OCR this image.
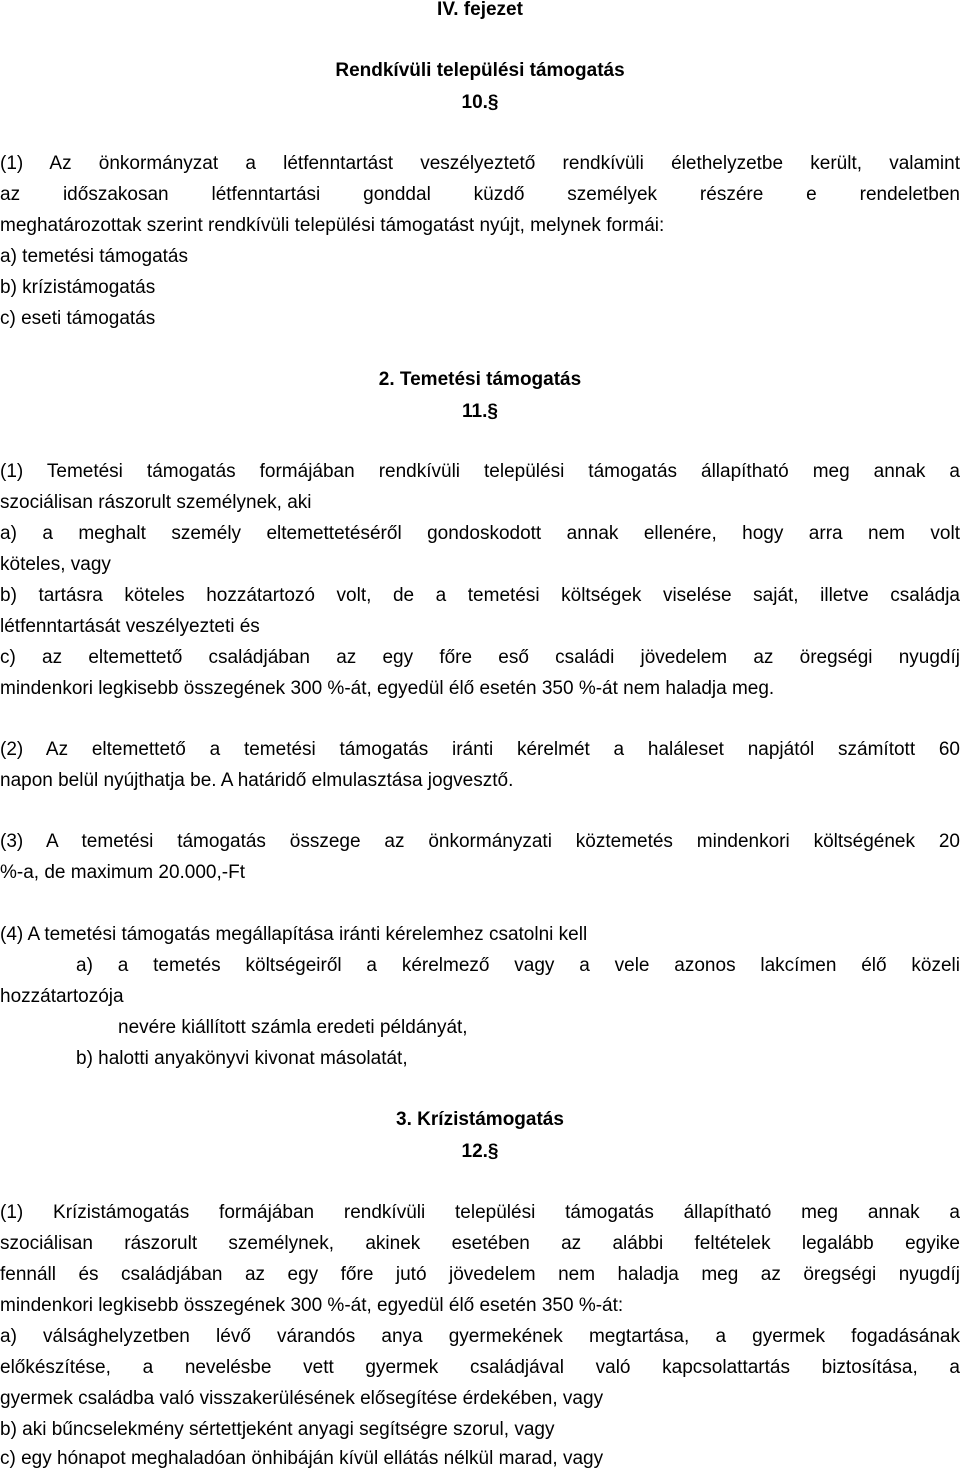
IV. fejezet
Rendkívüli települési támogatás
10.§
(1) Az önkormányzat a létfenntartást veszélyeztető rendkívüli élethelyzetbe került, valamint
az időszakosan létfenntartási gonddal küzdő személyek részére e rendeletben
meghatározottak szerint rendkívüli települési támogatást nyújt, melynek formái:
a) temetési támogatás
b) krízistámogatás
c) eseti támogatás
2. Temetési támogatás
11.§
(1) Temetési támogatás formájában rendkívüli települési támogatás állapítható meg annak a
szociálisan rászorult személynek, aki
a) a meghalt személy eltemettetéséről gondoskodott annak ellenére, hogy arra nem volt
köteles, vagy
b) tartásra köteles hozzátartozó volt, de a temetési költségek viselése saját, illetve családja
létfenntartását veszélyezteti és
c) az eltemettető családjában az egy főre eső családi jövedelem az öregségi nyugdíj
mindenkori legkisebb összegének 300 %-át, egyedül élő esetén 350 %-át nem haladja meg.
(2) Az eltemettető a temetési támogatás iránti kérelmét a haláleset napjától számított 60
napon belül nyújthatja be. A határidő elmulasztása jogvesztő.
(3) A temetési támogatás összege az önkormányzati köztemetés mindenkori költségének 20
%-a, de maximum 20.000,-Ft
(4) A temetési támogatás megállapítása iránti kérelemhez csatolni kell
a) a temetés költségeiről a kérelmező vagy a vele azonos lakcímen élő közeli
hozzátartozója
nevére kiállított számla eredeti példányát,
b) halotti anyakönyvi kivonat másolatát,
3. Krízistámogatás
12.§
(1) Krízistámogatás formájában rendkívüli települési támogatás állapítható meg annak a
szociálisan rászorult személynek, akinek esetében az alábbi feltételek legalább egyike
fennáll és családjában az egy főre jutó jövedelem nem haladja meg az öregségi nyugdíj
mindenkori legkisebb összegének 300 %-át, egyedül élő esetén 350 %-át:
a) válsághelyzetben lévő várandós anya gyermekének megtartása, a gyermek fogadásának
előkészítése, a nevelésbe vett gyermek családjával való kapcsolattartás biztosítása, a
gyermek családba való visszakerülésének elősegítése érdekében, vagy
b) aki bűncselekmény sértettjeként anyagi segítségre szorul, vagy
c) egy hónapot meghaladóan önhibáján kívül ellátás nélkül marad, vagy
